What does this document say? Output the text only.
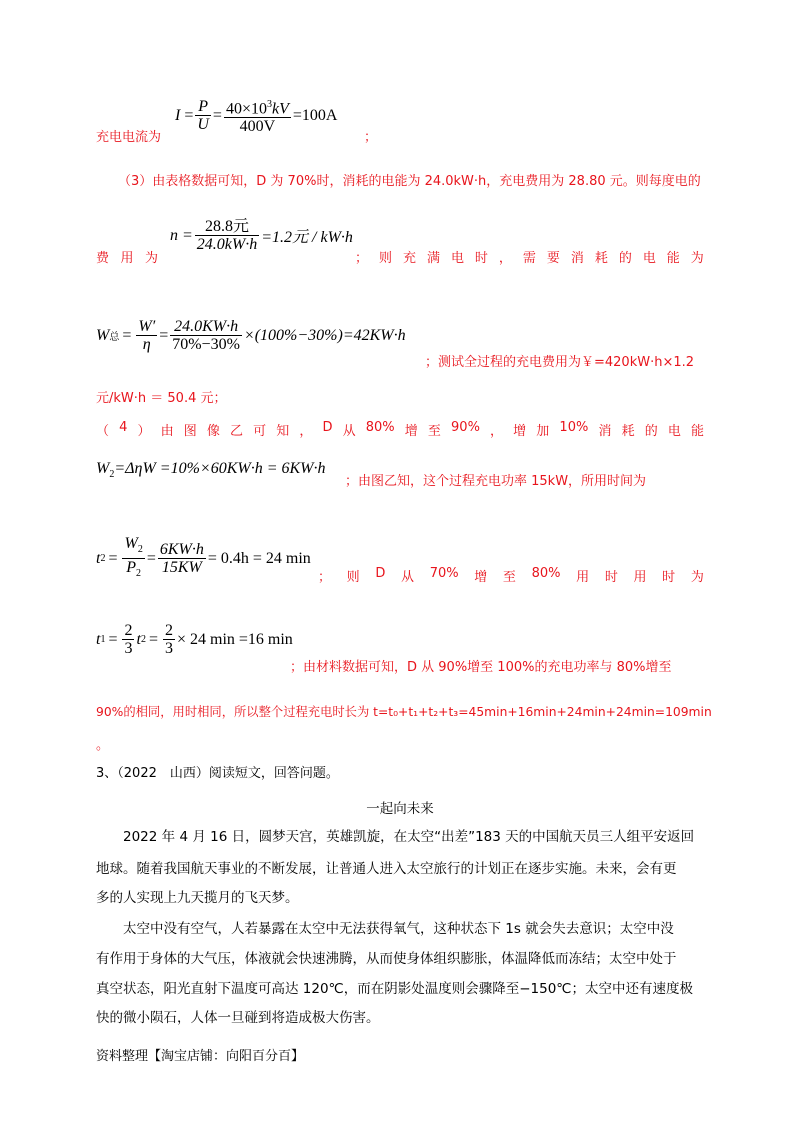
I
= $\frac{P}{U} = \frac{40\times 10^3kV}{400V} =100A$
充电电流为	；
（3）由表格数据可知，D 为 70%时，消耗的电能为 24.0kW·h，充电费用为 28.80 元。则每度电的
$n = \frac{\text{28.8元}}{24.0kW\cdot h} =1.2$元 / kW·h
费 用 为	； 则 充 满 电 时 ， 需 要 消 耗 的 电 能 为
W 总 = $\frac{W'}{\eta} = \frac{24.0KW\cdot h}{70\%-30\%} \times(100\%-30\%)=42KW\cdot h$
；测试全过程的充电费用为￥=420kW·h×1.2
元/kW·h ＝ 50.4 元；
（ 4 ） 由 图 像 乙 可 知 ， D 从 80% 增 至 90% ， 增 加 10% 消 耗 的 电 能
$W_2=\Delta\eta W =10\%\times 60KW\cdot h = 6KW\cdot h$
；由图乙知，这个过程充电功率 15kW，所用时间为
t $2 = \frac{W_2}{P_2} = \frac{6KW\cdot h}{15KW} = 0.4h = 24$ min
； 则 D 从 70% 增 至 80% 用 时 用 时 为
t $1 = \frac{2}{3}$ t $2 = \frac{2}{3} \times 24$ min =16 min
；由材料数据可知，D 从 90%增至 100%的充电功率与 80%增至
90%的相同，用时相同，所以整个过程充电时长为 t=t₀+t₁+t₂+t₃=45min+16min+24min+24min=109min
。
3、（2022　山西）阅读短文，回答问题。
一起向未来
2022 年 4 月 16 日，圆梦天宫，英雄凯旋，在太空“出差”183 天的中国航天员三人组平安返回
地球。随着我国航天事业的不断发展，让普通人进入太空旅行的计划正在逐步实施。未来，会有更
多的人实现上九天揽月的飞天梦。
太空中没有空气，人若暴露在太空中无法获得氧气，这种状态下 1s 就会失去意识；太空中没
有作用于身体的大气压，体液就会快速沸腾，从而使身体组织膨胀，体温降低而冻结；太空中处于
真空状态，阳光直射下温度可高达 120℃，而在阴影处温度则会骤降至−150℃；太空中还有速度极
快的微小陨石，人体一旦碰到将造成极大伤害。
资料整理【淘宝店铺：向阳百分百】
